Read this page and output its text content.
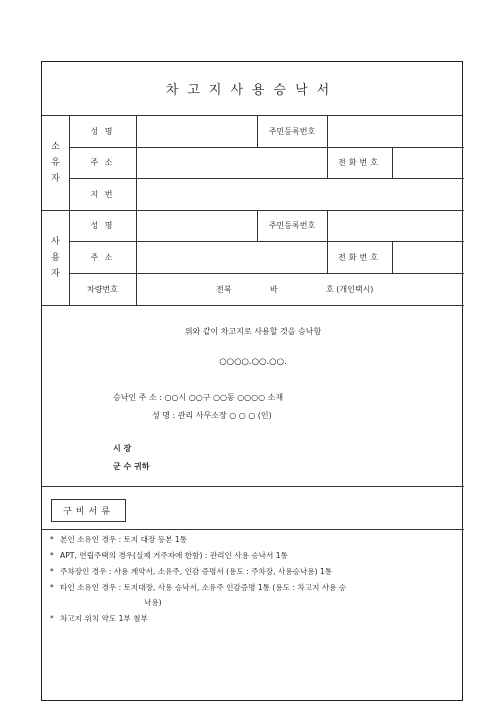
차고지사용승낙서
소
유
자
성 명	주민등록번호
주 소	전화번호
지 번
사
용
자
성 명	주민등록번호
주 소	전화번호
차량번호	전북	바	호 (개인택시)
위와 같이 차고지로 사용할 것을 승낙함
○○○○.○○.○○.
승낙인 주 소 : ○○시 ○○구 ○○동 ○○○○ 소재
성 명 : 관리 사무소장 ○ ○ ○ (인)
시 장
군 수 귀하
구비서류
* 본인 소유인 경우 : 토지 대장 등본 1통
* APT, 연립주택의 경우(실제 거주자에 한함) : 관리인 사용 승낙서 1통
* 주차장인 경우 : 사용 계약서, 소유주, 인감 증명서 (용도 : 주차장, 사용승낙용) 1통
* 타인 소유인 경우 : 토지대장, 사용 승낙서, 소유주 인감증명 1통 (용도 : 차고지 사용 승
낙용)
* 차고지 위치 약도 1부 첨부
